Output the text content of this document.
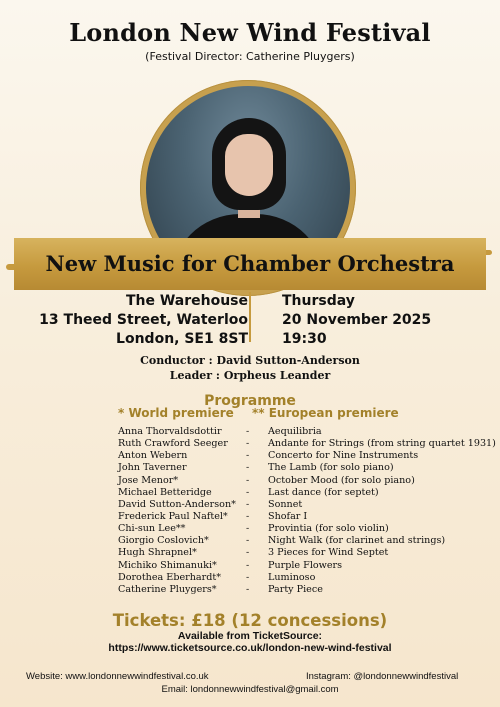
London New Wind Festival
(Festival Director: Catherine Pluygers)
New Music for Chamber Orchestra
The Warehouse
13 Theed Street, Waterloo
London, SE1 8ST
Thursday
20 November 2025
19:30
Conductor : David Sutton-Anderson
Leader : Orpheus Leander
Programme
* World premiere ** European premiere
Anna Thorvaldsdottir	-	Aequilibria
Ruth Crawford Seeger	-	Andante for Strings (from string quartet 1931)
Anton Webern	-	Concerto for Nine Instruments
John Taverner	-	The Lamb (for solo piano)
Jose Menor*	-	October Mood (for solo piano)
Michael Betteridge	-	Last dance (for septet)
David Sutton-Anderson*	-	Sonnet
Frederick Paul Naftel*	-	Shofar I
Chi-sun Lee**	-	Provintia (for solo violin)
Giorgio Coslovich*	-	Night Walk (for clarinet and strings)
Hugh Shrapnel*	-	3 Pieces for Wind Septet
Michiko Shimanuki*	-	Purple Flowers
Dorothea Eberhardt*	-	Luminoso
Catherine Pluygers*	-	Party Piece
Tickets: £18 (12 concessions)
Available from TicketSource:
https://www.ticketsource.co.uk/london-new-wind-festival
Website: www.londonnewwindfestival.co.uk	Instagram: @londonnewwindfestival
Email: londonnewwindfestival@gmail.com
